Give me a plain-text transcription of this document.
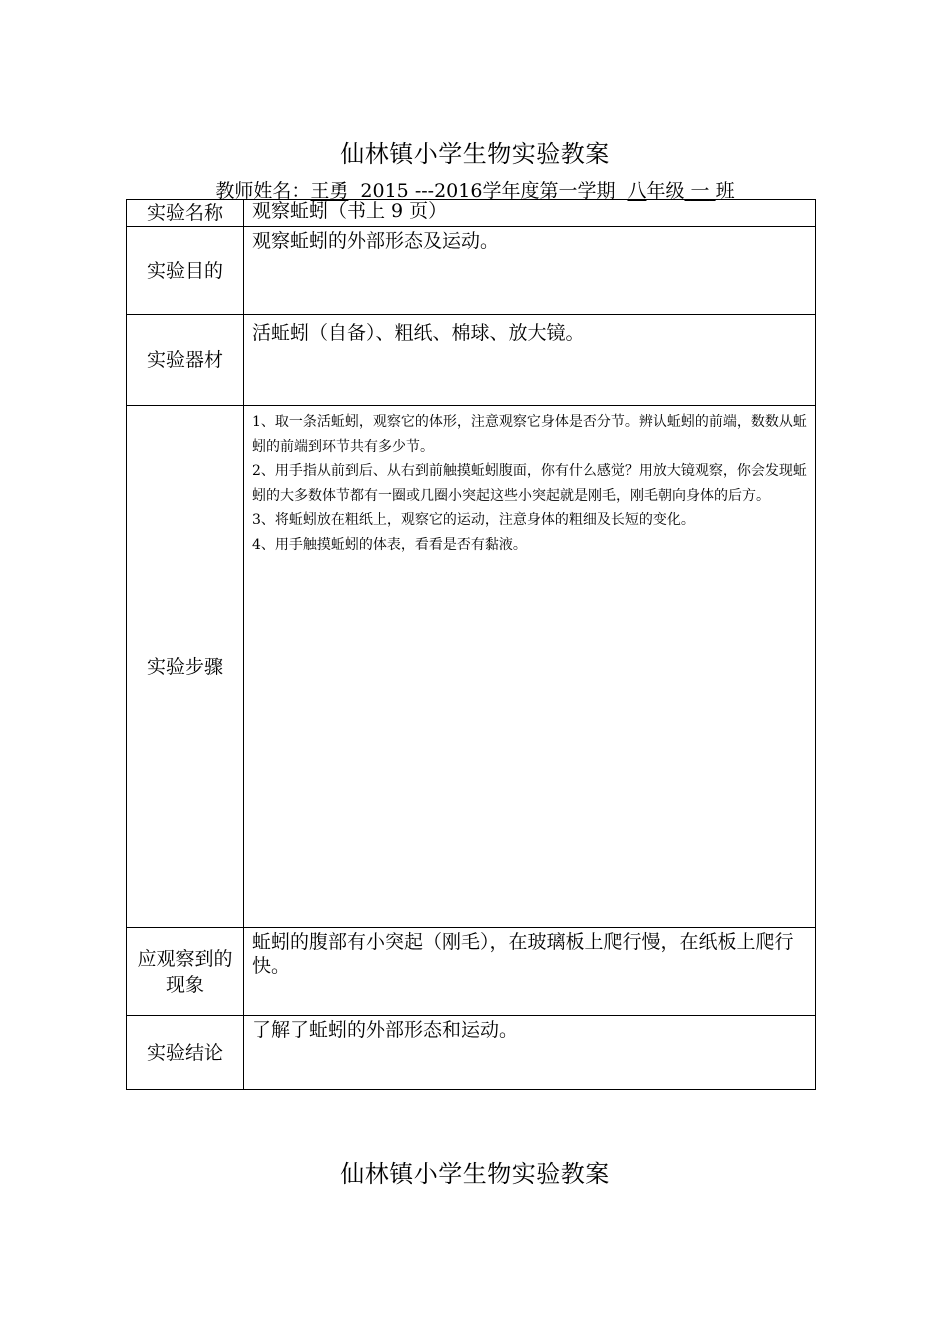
仙林镇小学生物实验教案
教师姓名：王勇 2015 ---2016学年度第一学期 八年级 一 班
实验名称	观察蚯蚓（书上 9 页）
实验目的	观察蚯蚓的外部形态及运动。
实验器材	活蚯蚓（自备）、粗纸、棉球、放大镜。
实验步骤	1、取一条活蚯蚓，观察它的体形，注意观察它身体是否分节。辨认蚯蚓的前端，数数从蚯蚓的前端到环节共有多少节。

2、用手指从前到后、从右到前触摸蚯蚓腹面，你有什么感觉？用放大镜观察，你会发现蚯蚓的大多数体节都有一圈或几圈小突起这些小突起就是刚毛，刚毛朝向身体的后方。

3、将蚯蚓放在粗纸上，观察它的运动，注意身体的粗细及长短的变化。

4、用手触摸蚯蚓的体表，看看是否有黏液。

应观察到的现象	蚯蚓的腹部有小突起（刚毛），在玻璃板上爬行慢，在纸板上爬行快。
实验结论	了解了蚯蚓的外部形态和运动。
仙林镇小学生物实验教案
